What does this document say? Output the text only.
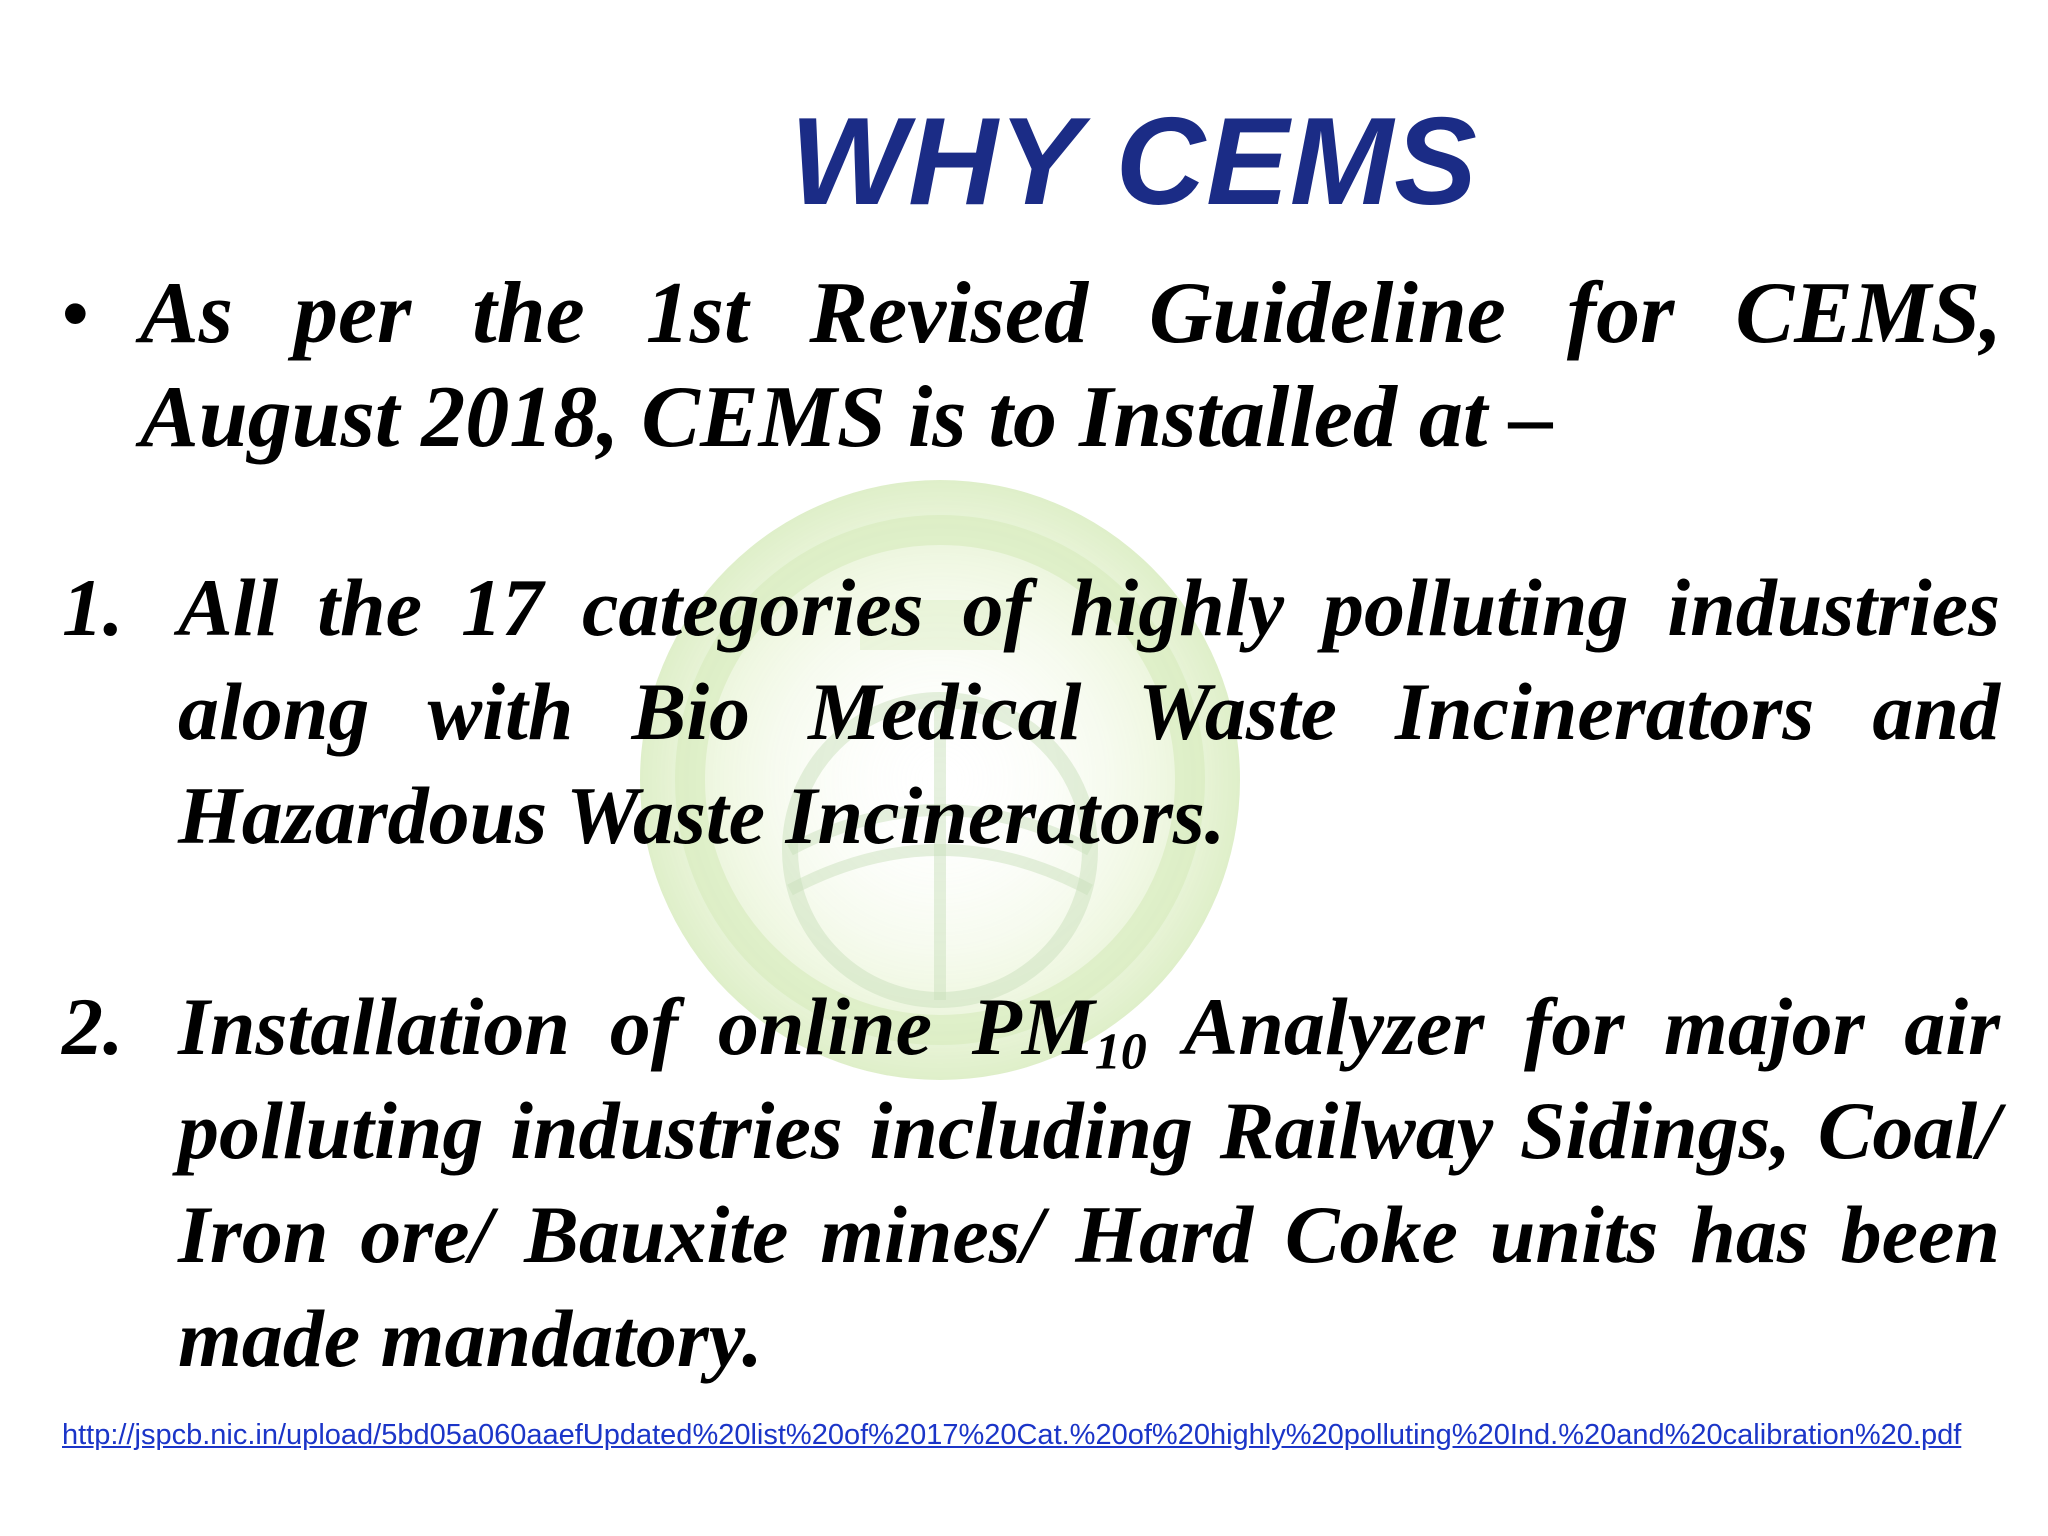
WHY CEMS
• As per the 1st Revised Guideline for CEMS, August 2018, CEMS is to Installed at –

1. All the 17 categories of highly polluting industries along with Bio Medical Waste Incinerators and Hazardous Waste Incinerators.

2. Installation of online $PM_{10}$ Analyzer for major air polluting industries including Railway Sidings, Coal/ Iron ore/ Bauxite mines/ Hard Coke units has been made mandatory.

http://jspcb.nic.in/upload/5bd05a060aaefUpdated%20list%20of%2017%20Cat.%20of%20highly%20polluting%20Ind.%20and%20calibration%20.pdf
